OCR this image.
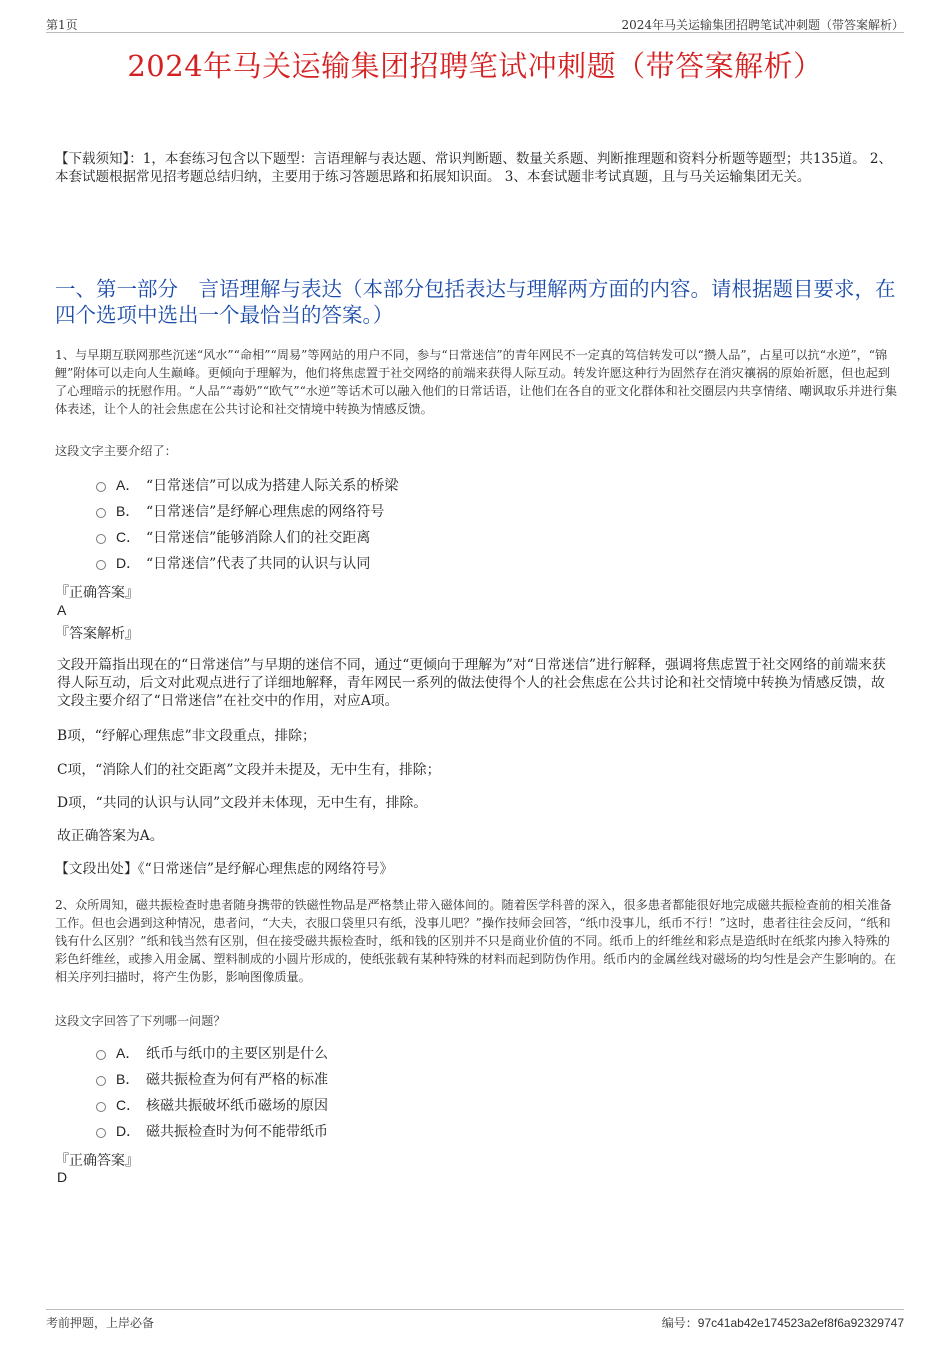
第1页	2024年马关运输集团招聘笔试冲刺题（带答案解析）
2024年马关运输集团招聘笔试冲刺题（带答案解析）
【下载须知】：1，本套练习包含以下题型：言语理解与表达题、常识判断题、数量关系题、判断推理题和资料分析题等题型；共135道。 2、本套试题根据常见招考题总结归纳，主要用于练习答题思路和拓展知识面。 3、本套试题非考试真题，且与马关运输集团无关。
一、第一部分　言语理解与表达（本部分包括表达与理解两方面的内容。请根据题目要求，在四个选项中选出一个最恰当的答案。）
1、与早期互联网那些沉迷“风水”“命相”“周易”等网站的用户不同，参与“日常迷信”的青年网民不一定真的笃信转发可以“攒人品”，占星可以抗“水逆”，“锦鲤”附体可以走向人生巅峰。更倾向于理解为，他们将焦虑置于社交网络的前端来获得人际互动。转发许愿这种行为固然存在消灾禳祸的原始祈愿，但也起到了心理暗示的抚慰作用。“人品”“毒奶”“欧气”“水逆”等话术可以融入他们的日常话语，让他们在各自的亚文化群体和社交圈层内共享情绪、嘲讽取乐并进行集体表述，让个人的社会焦虑在公共讨论和社交情境中转换为情感反馈。
这段文字主要介绍了：
A． “日常迷信”可以成为搭建人际关系的桥梁
B． “日常迷信”是纾解心理焦虑的网络符号
C． “日常迷信”能够消除人们的社交距离
D． “日常迷信”代表了共同的认识与认同
『正确答案』
A
『答案解析』
文段开篇指出现在的“日常迷信”与早期的迷信不同，通过“更倾向于理解为”对“日常迷信”进行解释，强调将焦虑置于社交网络的前端来获得人际互动，后文对此观点进行了详细地解释，青年网民一系列的做法使得个人的社会焦虑在公共讨论和社交情境中转换为情感反馈，故文段主要介绍了“日常迷信”在社交中的作用，对应A项。
B项，“纾解心理焦虑”非文段重点，排除；
C项，“消除人们的社交距离”文段并未提及，无中生有，排除；
D项，“共同的认识与认同”文段并未体现，无中生有，排除。
故正确答案为A。
【文段出处】《“日常迷信”是纾解心理焦虑的网络符号》
2、众所周知，磁共振检查时患者随身携带的铁磁性物品是严格禁止带入磁体间的。随着医学科普的深入，很多患者都能很好地完成磁共振检查前的相关准备工作。但也会遇到这种情况，患者问，“大夫，衣服口袋里只有纸，没事儿吧？”操作技师会回答，“纸巾没事儿，纸币不行！”这时，患者往往会反问，“纸和钱有什么区别？”纸和钱当然有区别，但在接受磁共振检查时，纸和钱的区别并不只是商业价值的不同。纸币上的纤维丝和彩点是造纸时在纸浆内掺入特殊的彩色纤维丝，或掺入用金属、塑料制成的小圆片形成的，使纸张载有某种特殊的材料而起到防伪作用。纸币内的金属丝线对磁场的均匀性是会产生影响的。在相关序列扫描时，将产生伪影，影响图像质量。
这段文字回答了下列哪一问题？
A． 纸币与纸巾的主要区别是什么
B． 磁共振检查为何有严格的标准
C． 核磁共振破坏纸币磁场的原因
D． 磁共振检查时为何不能带纸币
『正确答案』
D
考前押题，上岸必备	编号：97c41ab42e174523a2ef8f6a92329747
